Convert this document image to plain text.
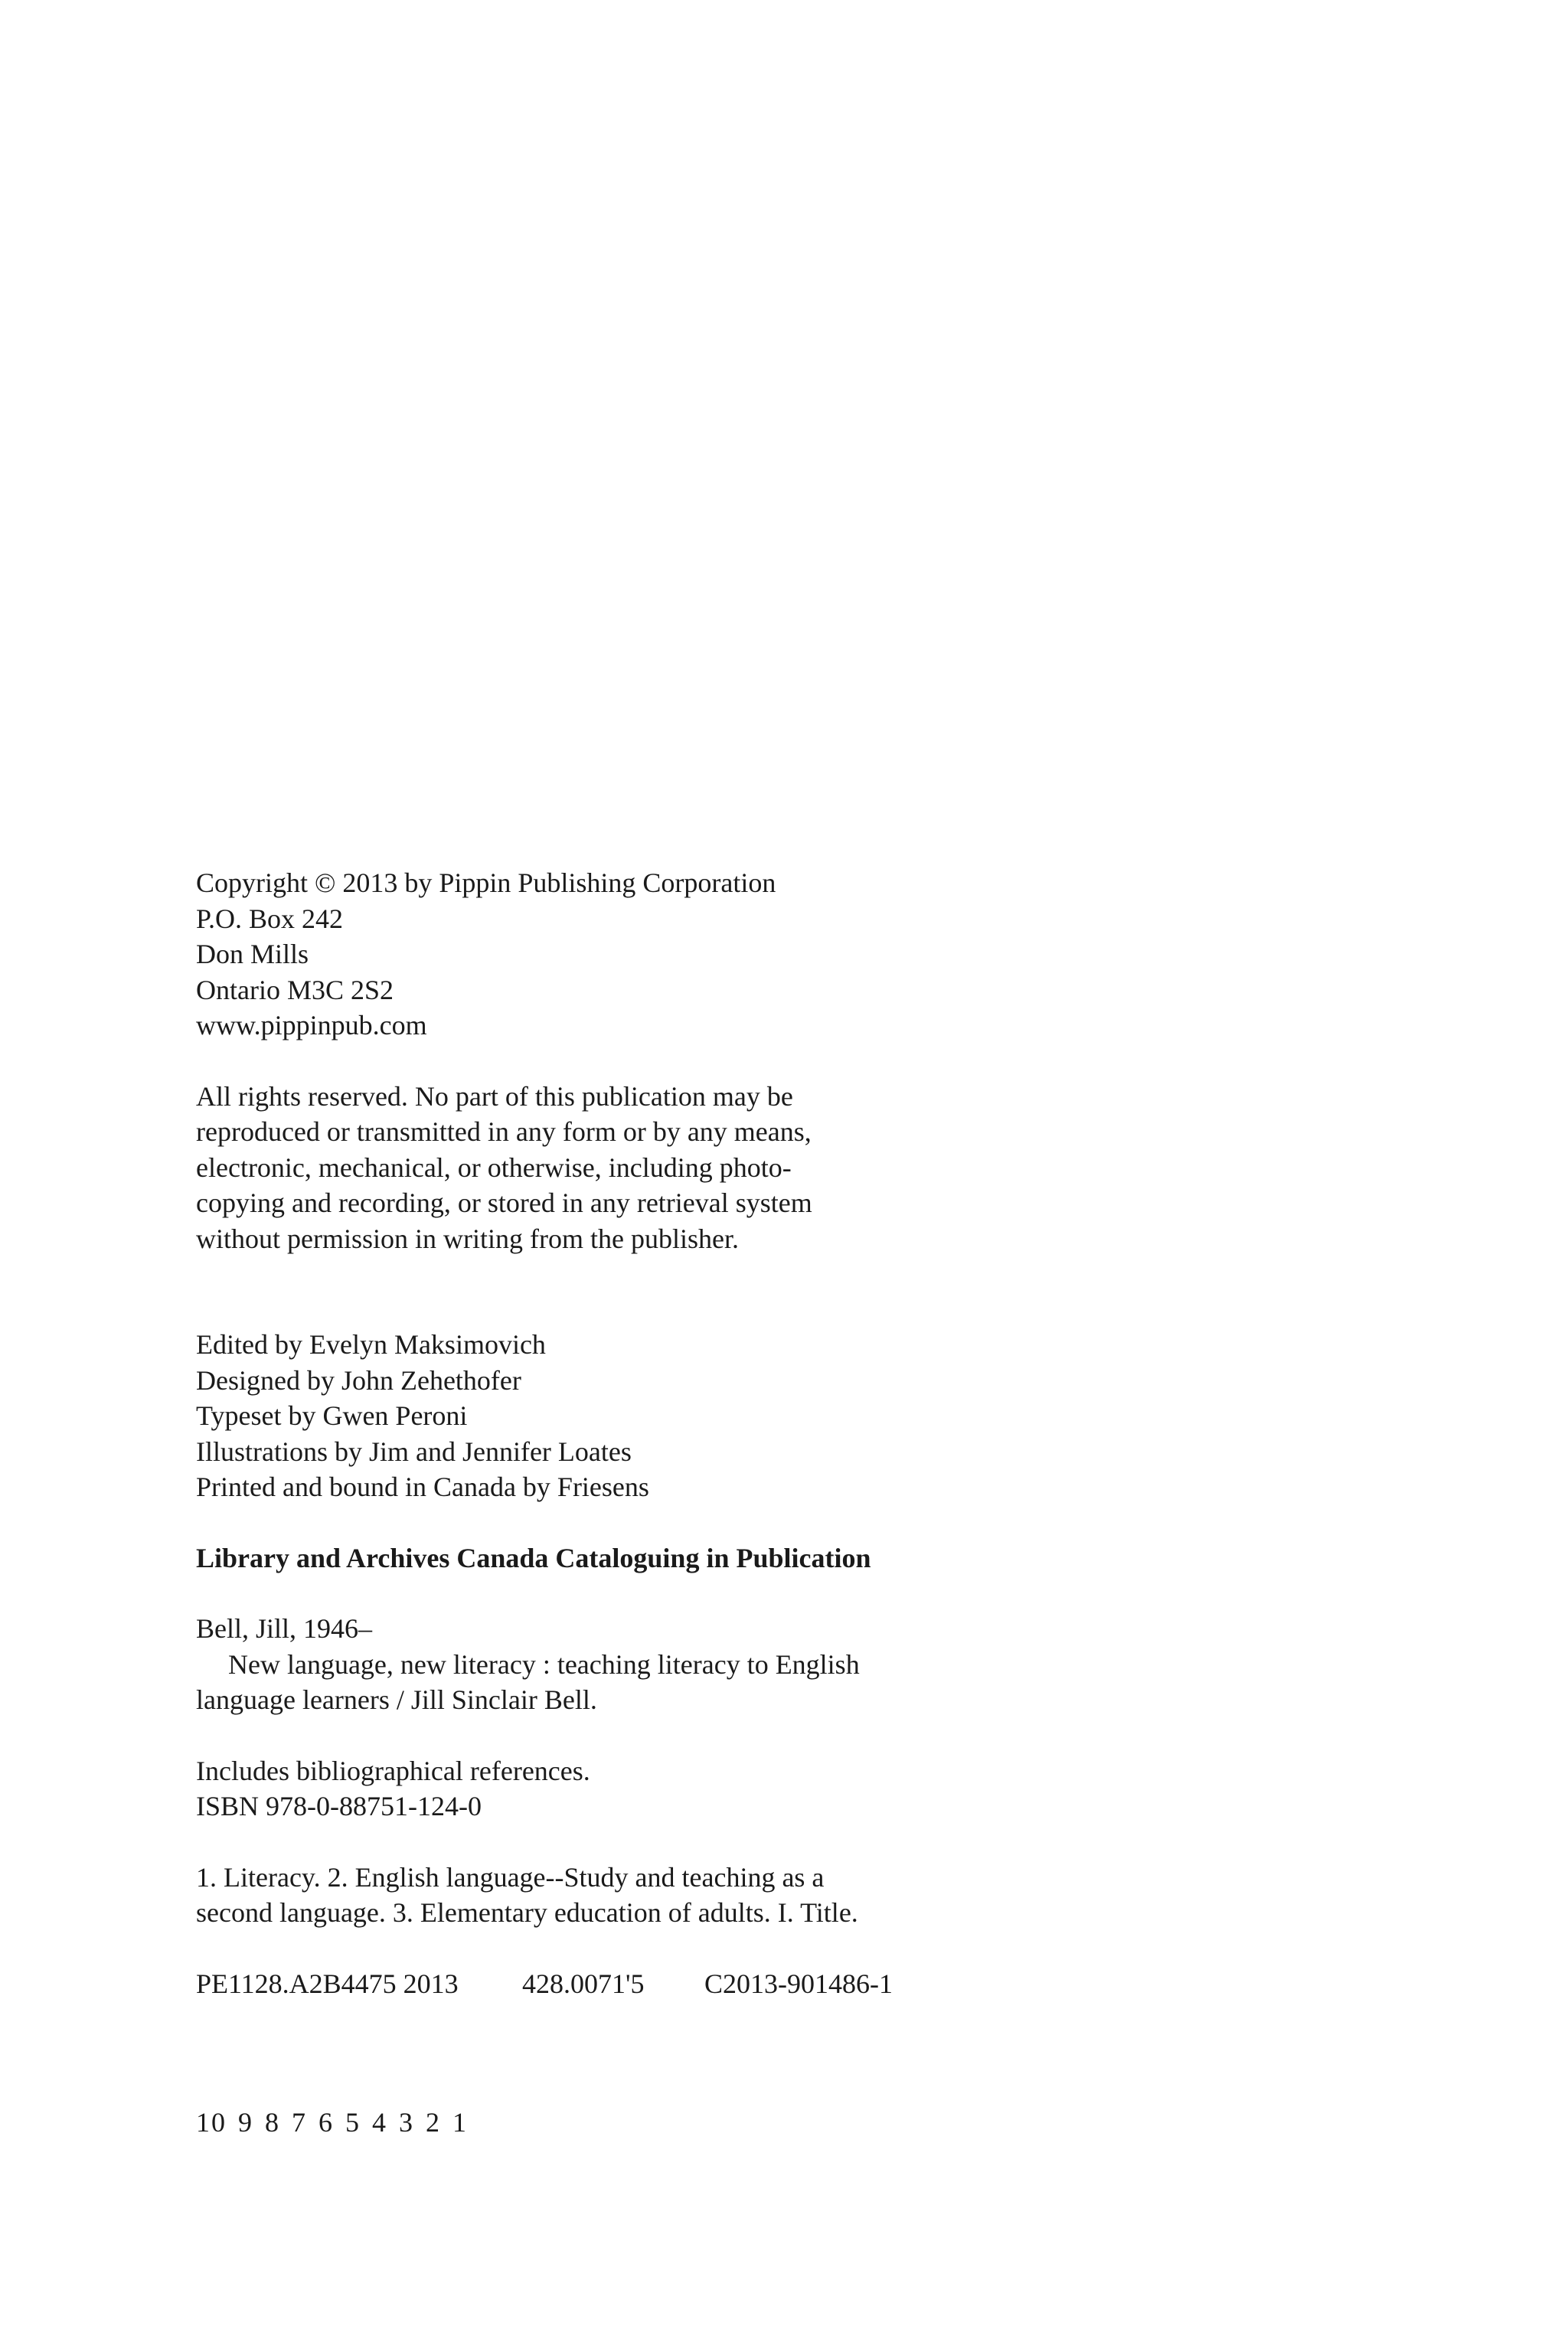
Copyright © 2013 by Pippin Publishing Corporation
P.O. Box 242
Don Mills
Ontario M3C 2S2
www.pippinpub.com
All rights reserved. No part of this publication may be
reproduced or transmitted in any form or by any means,
electronic, mechanical, or otherwise, including photo-
copying and recording, or stored in any retrieval system
without permission in writing from the publisher.
Edited by Evelyn Maksimovich
Designed by John Zehethofer
Typeset by Gwen Peroni
Illustrations by Jim and Jennifer Loates
Printed and bound in Canada by Friesens
Library and Archives Canada Cataloguing in Publication
Bell, Jill, 1946–
New language, new literacy : teaching literacy to English
language learners / Jill Sinclair Bell.
Includes bibliographical references.
ISBN 978-0-88751-124-0
1. Literacy. 2. English language--Study and teaching as a
second language. 3. Elementary education of adults. I. Title.
PE1128.A2B4475 2013 428.0071'5 C2013-901486-1
10 9 8 7 6 5 4 3 2 1
